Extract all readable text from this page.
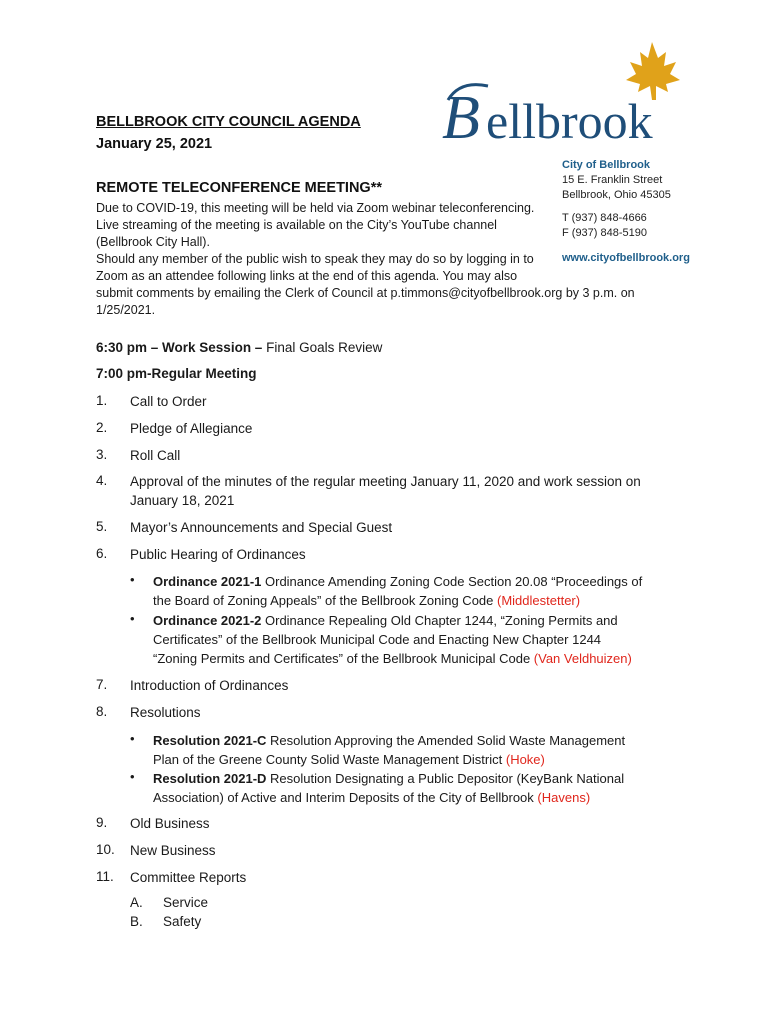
BELLBROOK CITY COUNCIL AGENDA
January 25, 2021
REMOTE TELECONFERENCE MEETING**
B ellbrook
City of Bellbrook
15 E. Franklin Street
Bellbrook, Ohio 45305
T (937) 848-4666
F (937) 848-5190
www.cityofbellbrook.org
Due to COVID-19, this meeting will be held via Zoom webinar teleconferencing.
Live streaming of the meeting is available on the City’s YouTube channel
(Bellbrook City Hall).
Should any member of the public wish to speak they may do so by logging in to
Zoom as an attendee following links at the end of this agenda. You may also
submit comments by emailing the Clerk of Council at p.timmons@cityofbellbrook.org by 3 p.m. on
1/25/2021.
6:30 pm – Work Session – Final Goals Review
7:00 pm-Regular Meeting
1. Call to Order
2. Pledge of Allegiance
3. Roll Call
4. Approval of the minutes of the regular meeting January 11, 2020 and work session on
January 18, 2021
5. Mayor’s Announcements and Special Guest
6. Public Hearing of Ordinances
• Ordinance 2021-1 Ordinance Amending Zoning Code Section 20.08 “Proceedings of
the Board of Zoning Appeals” of the Bellbrook Zoning Code (Middlestetter)
• Ordinance 2021-2 Ordinance Repealing Old Chapter 1244, “Zoning Permits and
Certificates” of the Bellbrook Municipal Code and Enacting New Chapter 1244
“Zoning Permits and Certificates” of the Bellbrook Municipal Code (Van Veldhuizen)
7. Introduction of Ordinances
8. Resolutions
• Resolution 2021-C Resolution Approving the Amended Solid Waste Management
Plan of the Greene County Solid Waste Management District (Hoke)
• Resolution 2021-D Resolution Designating a Public Depositor (KeyBank National
Association) of Active and Interim Deposits of the City of Bellbrook (Havens)
9. Old Business
10. New Business
11. Committee Reports
A. Service
B. Safety
